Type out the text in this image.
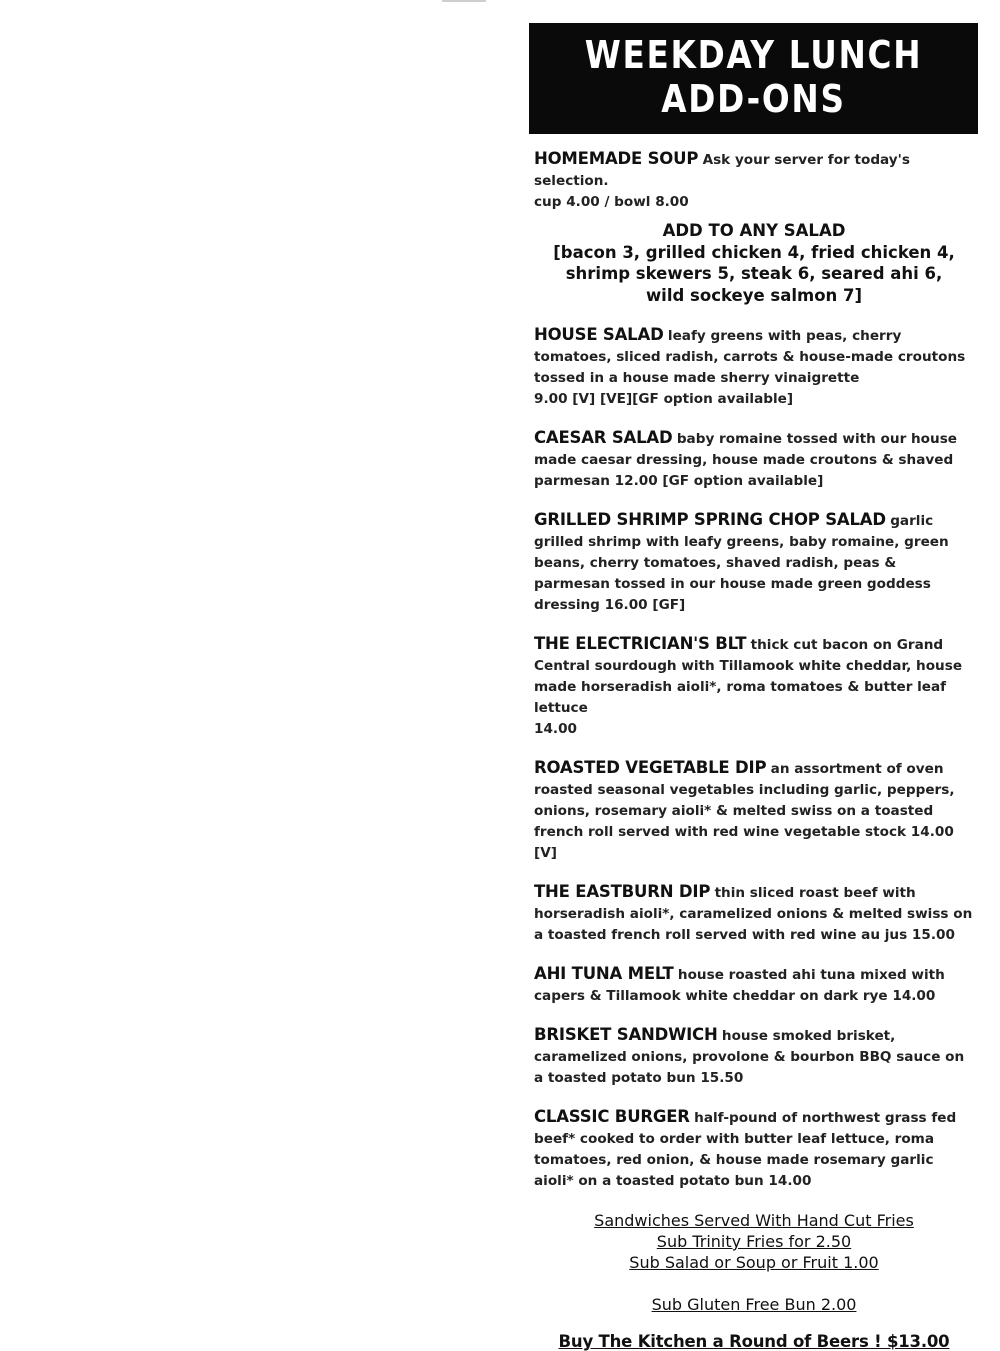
WEEKDAY LUNCH
ADD-ONS
HOMEMADE SOUP Ask your server for today's selection.
cup 4.00 / bowl 8.00
ADD TO ANY SALAD
[bacon 3, grilled chicken 4, fried chicken 4,
shrimp skewers 5, steak 6, seared ahi 6,
wild sockeye salmon 7]
HOUSE SALAD leafy greens with peas, cherry tomatoes, sliced radish, carrots & house-made croutons tossed in a house made sherry vinaigrette
9.00 [V] [VE][GF option available]
CAESAR SALAD baby romaine tossed with our house made caesar dressing, house made croutons & shaved parmesan 12.00 [GF option available]
GRILLED SHRIMP SPRING CHOP SALAD garlic grilled shrimp with leafy greens, baby romaine, green beans, cherry tomatoes, shaved radish, peas & parmesan tossed in our house made green goddess dressing 16.00 [GF]
THE ELECTRICIAN'S BLT thick cut bacon on Grand Central sourdough with Tillamook white cheddar, house made horseradish aioli*, roma tomatoes & butter leaf lettuce
14.00
ROASTED VEGETABLE DIP an assortment of oven roasted seasonal vegetables including garlic, peppers, onions, rosemary aioli* & melted swiss on a toasted french roll served with red wine vegetable stock 14.00 [V]
THE EASTBURN DIP thin sliced roast beef with horseradish aioli*, caramelized onions & melted swiss on a toasted french roll served with red wine au jus 15.00
AHI TUNA MELT house roasted ahi tuna mixed with capers & Tillamook white cheddar on dark rye 14.00
BRISKET SANDWICH house smoked brisket, caramelized onions, provolone & bourbon BBQ sauce on a toasted potato bun 15.50
CLASSIC BURGER half-pound of northwest grass fed beef* cooked to order with butter leaf lettuce, roma tomatoes, red onion, & house made rosemary garlic aioli* on a toasted potato bun 14.00
Sandwiches Served With Hand Cut Fries
Sub Trinity Fries for 2.50
Sub Salad or Soup or Fruit 1.00
Sub Gluten Free Bun 2.00
Buy The Kitchen a Round of Beers ! $13.00
